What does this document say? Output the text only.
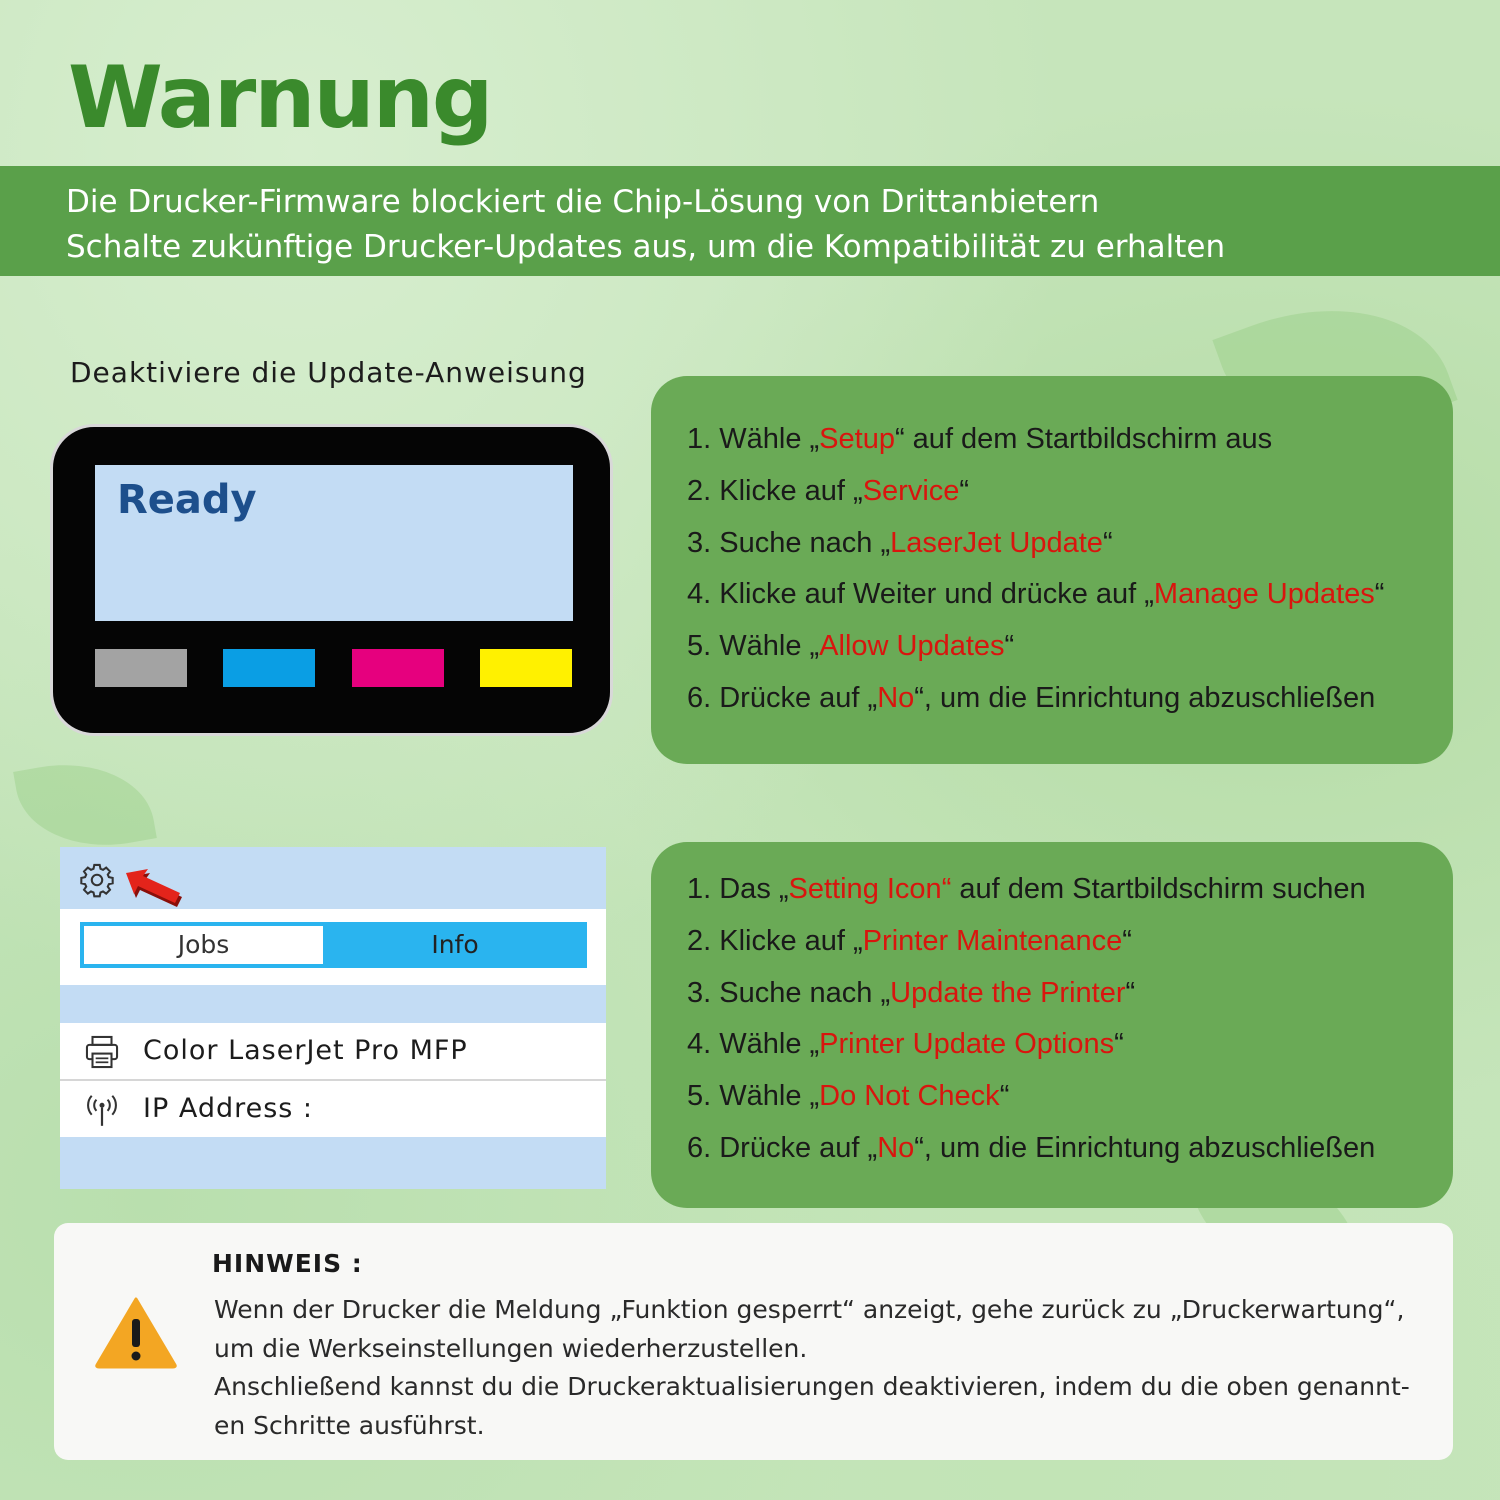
Warnung
Die Drucker-Firmware blockiert die Chip-Lösung von Drittanbietern
Schalte zukünftige Drucker-Updates aus, um die Kompatibilität zu erhalten
Deaktiviere die Update-Anweisung
Ready
1. Wähle „Setup“ auf dem Startbildschirm aus
2. Klicke auf „Service“
3. Suche nach „LaserJet Update“
4. Klicke auf Weiter und drücke auf „Manage Updates“
5. Wähle „Allow Updates“
6. Drücke auf „No“, um die Einrichtung abzuschließen
Jobs	Info
Color LaserJet Pro MFP
IP Address :
1. Das „Setting Icon“ auf dem Startbildschirm suchen
2. Klicke auf „Printer Maintenance“
3. Suche nach „Update the Printer“
4. Wähle „Printer Update Options“
5. Wähle „Do Not Check“
6. Drücke auf „No“, um die Einrichtung abzuschließen
HINWEIS :
Wenn der Drucker die Meldung „Funktion gesperrt“ anzeigt, gehe zurück zu „Druckerwartung“,
um die Werkseinstellungen wiederherzustellen.
Anschließend kannst du die Druckeraktualisierungen deaktivieren, indem du die oben genannt-
en Schritte ausführst.
